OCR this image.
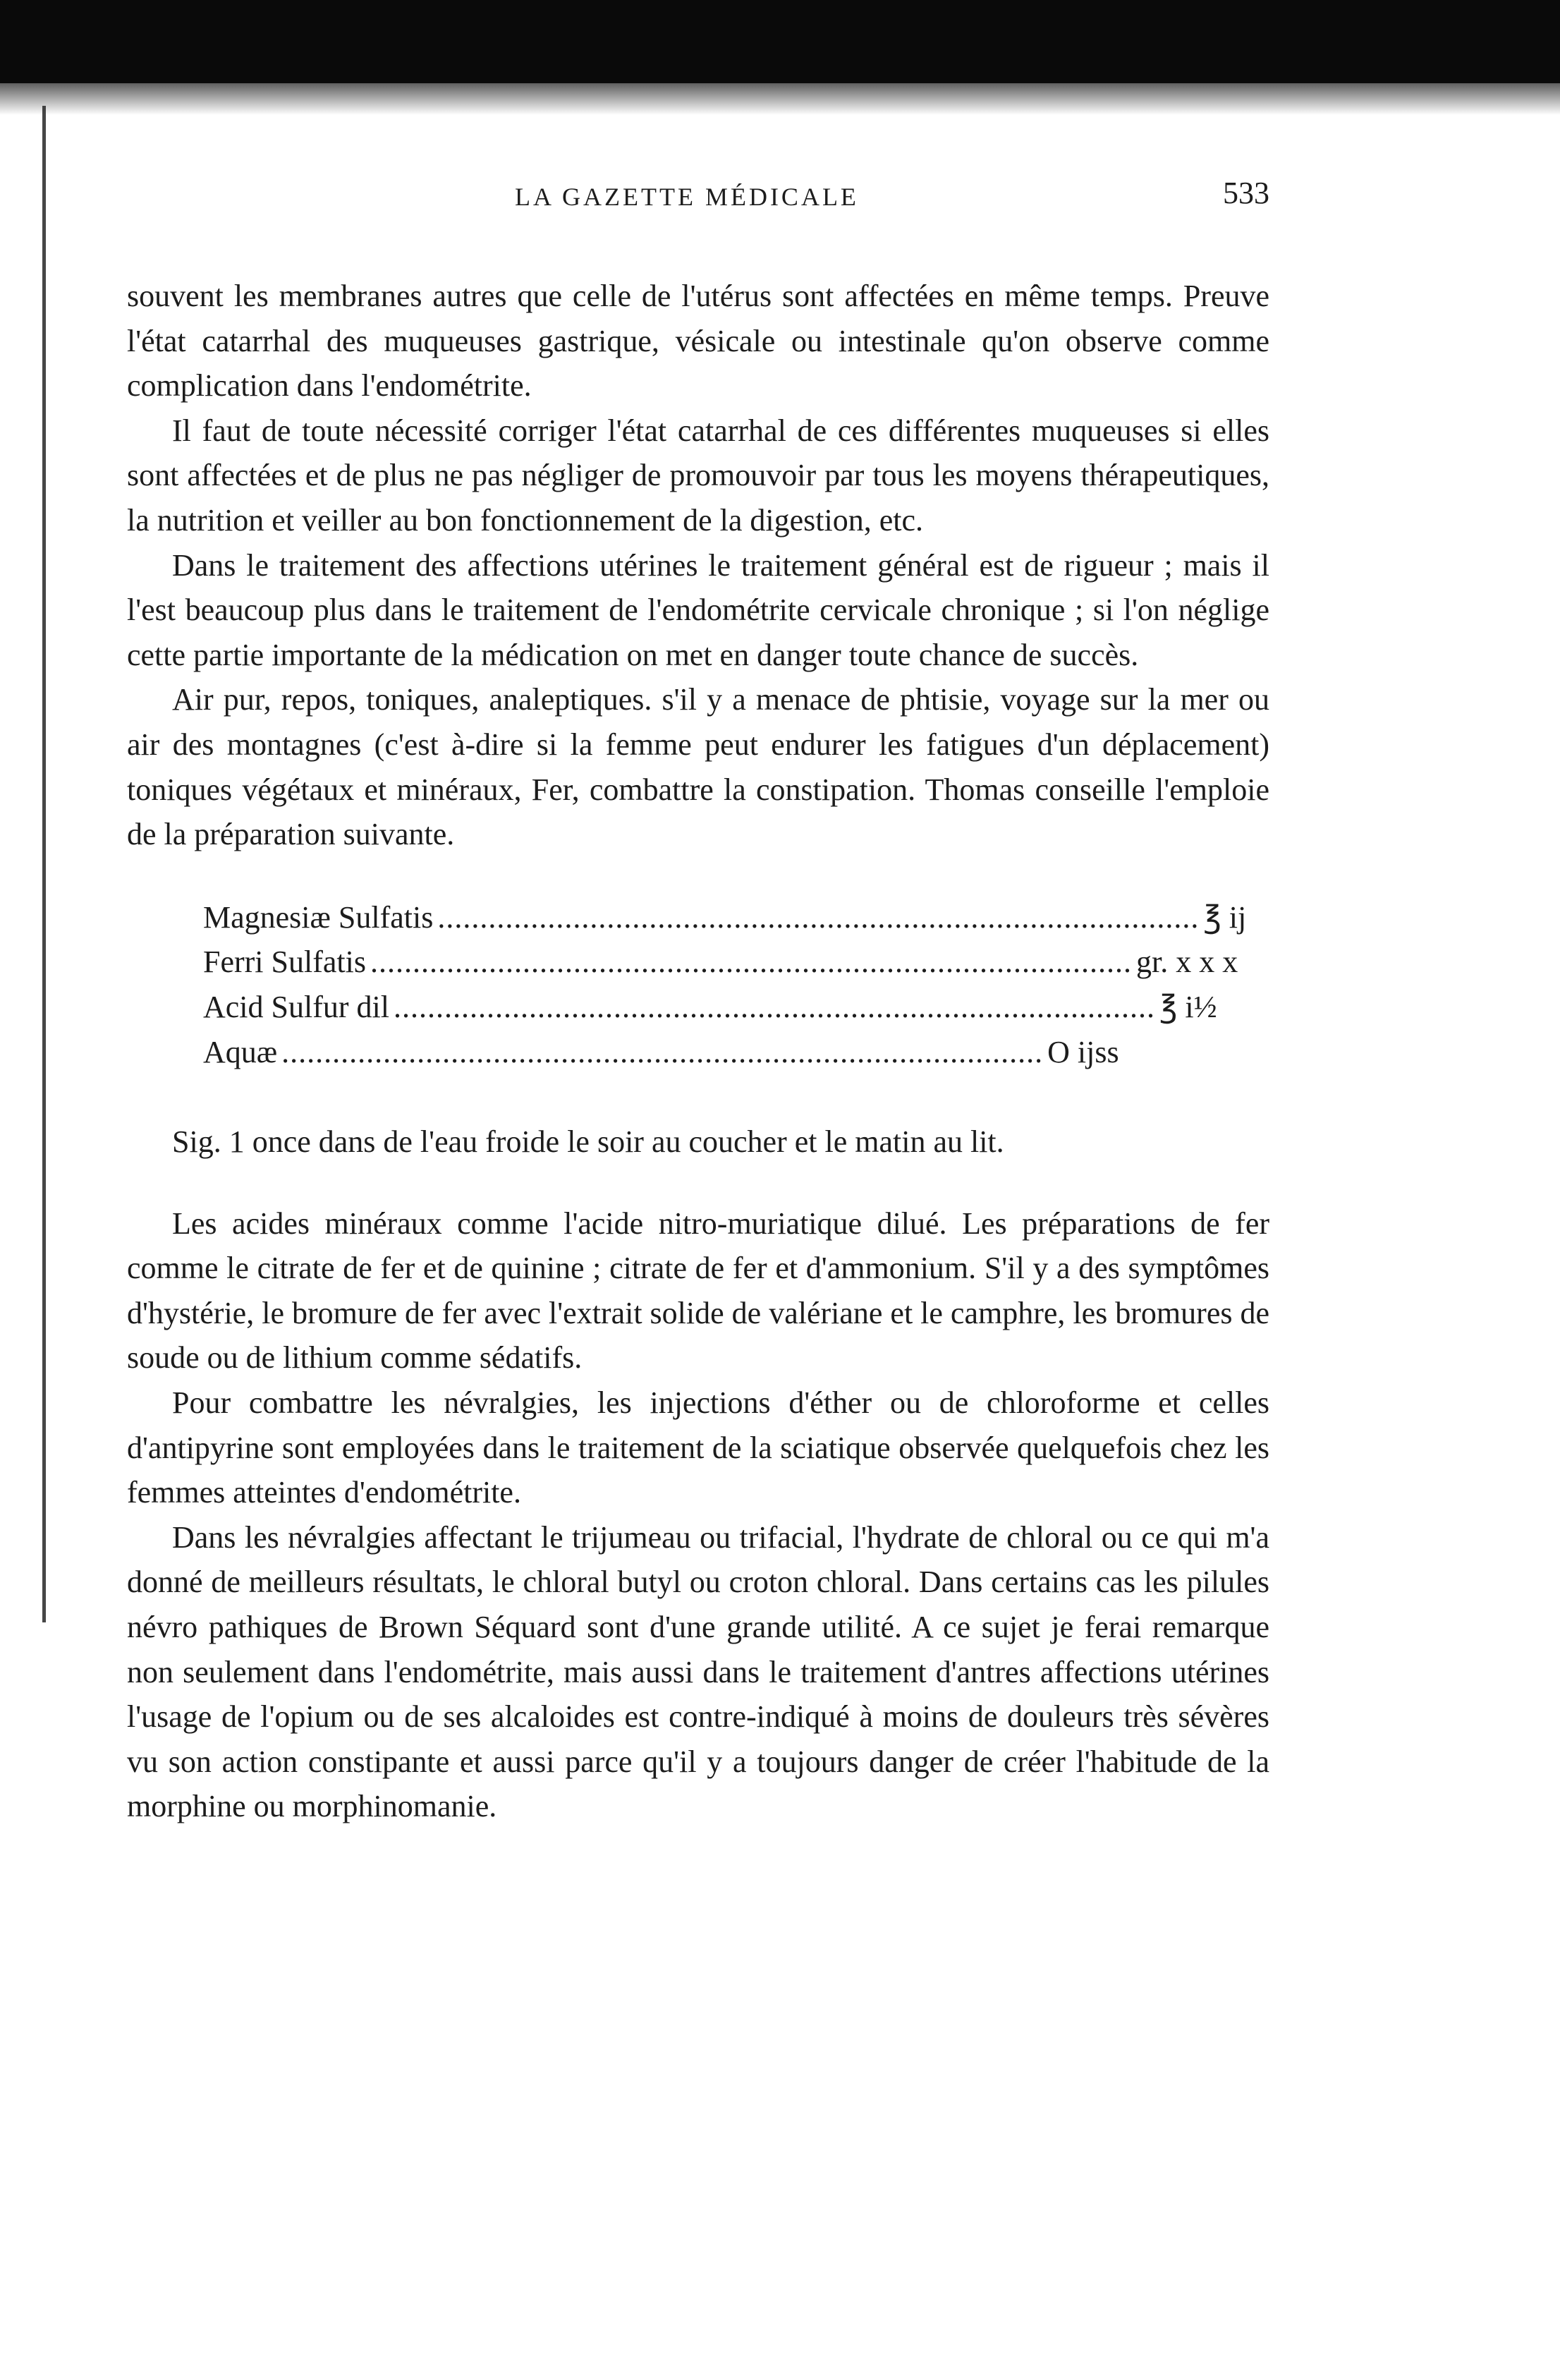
LA GAZETTE MÉDICALE	533

souvent les membranes autres que celle de l'utérus sont affectées en même temps. Preuve l'état catarrhal des muqueuses gastrique, vésicale ou intestinale qu'on observe comme complication dans l'endométrite.

Il faut de toute nécessité corriger l'état catarrhal de ces différentes muqueuses si elles sont affectées et de plus ne pas négliger de promouvoir par tous les moyens thérapeutiques, la nutrition et veiller au bon fonctionnement de la digestion, etc.

Dans le traitement des affections utérines le traitement général est de rigueur ; mais il l'est beaucoup plus dans le traitement de l'endométrite cervicale chronique ; si l'on néglige cette partie importante de la médication on met en danger toute chance de succès.

Air pur, repos, toniques, analeptiques. s'il y a menace de phtisie, voyage sur la mer ou air des montagnes (c'est à-dire si la femme peut endurer les fatigues d'un déplacement) toniques végétaux et minéraux, Fer, combattre la constipation. Thomas conseille l'emploie de la préparation suivante.

Magnesiæ Sulfatis .......................................................................................... ℥ ij
Ferri Sulfatis .......................................................................................... gr. x x x
Acid Sulfur dil .......................................................................................... ℥ i½
Aquæ .......................................................................................... O ijss

Sig. 1 once dans de l'eau froide le soir au coucher et le matin au lit.

Les acides minéraux comme l'acide nitro-muriatique dilué. Les préparations de fer comme le citrate de fer et de quinine ; citrate de fer et d'ammonium. S'il y a des symptômes d'hystérie, le bromure de fer avec l'extrait solide de valériane et le camphre, les bromures de soude ou de lithium comme sédatifs.

Pour combattre les névralgies, les injections d'éther ou de chloroforme et celles d'antipyrine sont employées dans le traitement de la sciatique observée quelquefois chez les femmes atteintes d'endométrite.

Dans les névralgies affectant le trijumeau ou trifacial, l'hydrate de chloral ou ce qui m'a donné de meilleurs résultats, le chloral butyl ou croton chloral. Dans certains cas les pilules névro pathiques de Brown Séquard sont d'une grande utilité. A ce sujet je ferai remarque non seulement dans l'endométrite, mais aussi dans le traitement d'antres affections utérines l'usage de l'opium ou de ses alcaloides est contre-indiqué à moins de douleurs très sévères vu son action constipante et aussi parce qu'il y a toujours danger de créer l'habitude de la morphine ou morphinomanie.
